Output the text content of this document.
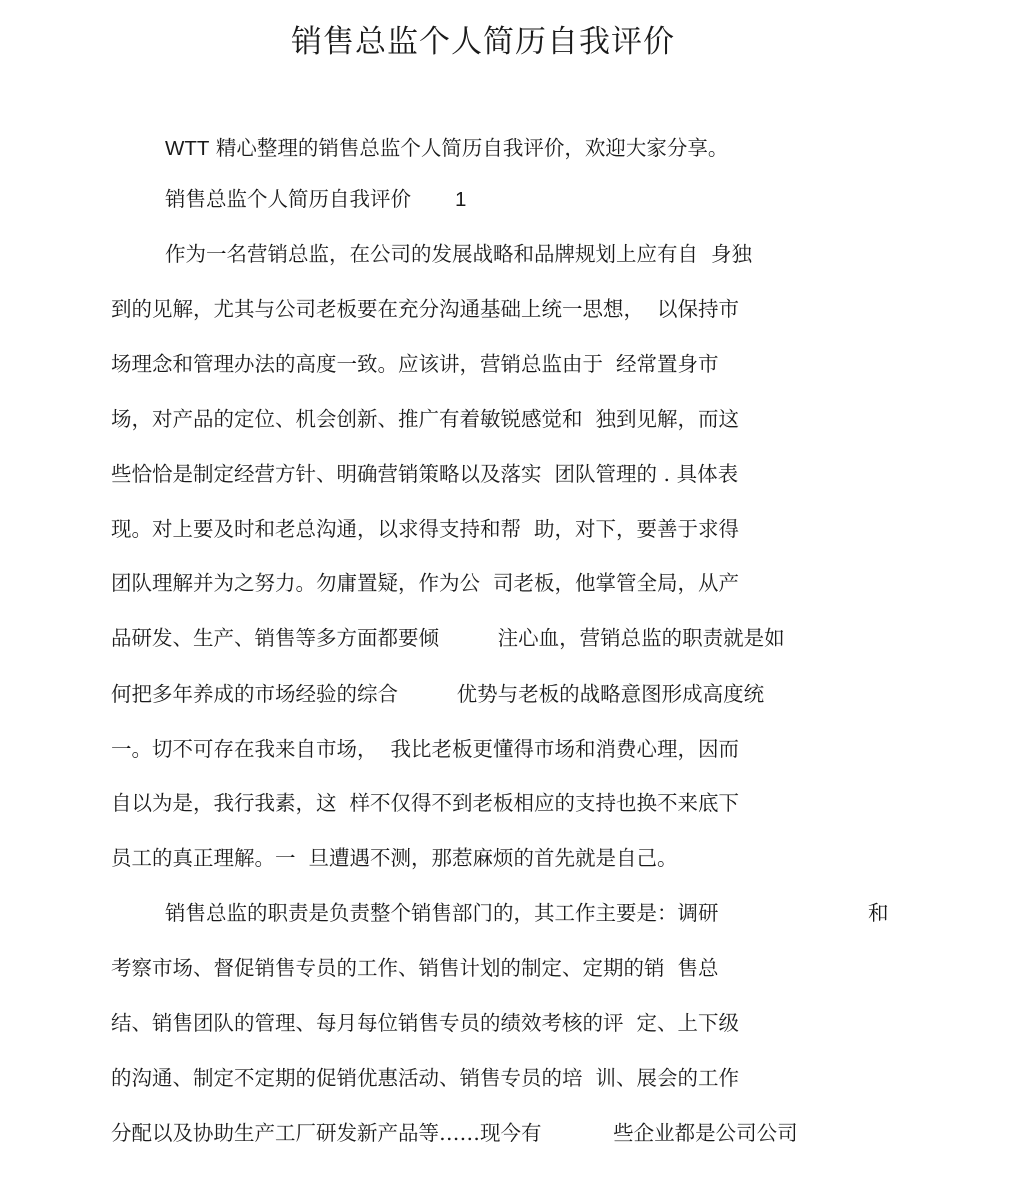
销售总监个人简历自我评价
WTT 精心整理的销售总监个人简历自我评价，欢迎大家分享。
销售总监个人简历自我评价 1
作为一名营销总监，在公司的发展战略和品牌规划上应有自  身独
到的见解，尤其与公司老板要在充分沟通基础上统一思想，  以保持市
场理念和管理办法的高度一致。应该讲，营销总监由于  经常置身市
场，对产品的定位、机会创新、推广有着敏锐感觉和  独到见解，而这
些恰恰是制定经营方针、明确营销策略以及落实  团队管理的 . 具体表
现。对上要及时和老总沟通，以求得支持和帮  助，对下，要善于求得
团队理解并为之努力。勿庸置疑，作为公  司老板，他掌管全局，从产
品研发、生产、销售等多方面都要倾         注心血，营销总监的职责就是如
何把多年养成的市场经验的综合         优势与老板的战略意图形成高度统
一。切不可存在我来自市场，  我比老板更懂得市场和消费心理，因而
自以为是，我行我素，这  样不仅得不到老板相应的支持也换不来底下
员工的真正理解。一  旦遭遇不测，那惹麻烦的首先就是自己。
销售总监的职责是负责整个销售部门的，其工作主要是：调研	和
考察市场、督促销售专员的工作、销售计划的制定、定期的销  售总
结、销售团队的管理、每月每位销售专员的绩效考核的评  定、上下级
的沟通、制定不定期的促销优惠活动、销售专员的培  训、展会的工作
分配以及协助生产工厂研发新产品等……现今有           些企业都是公司公司
